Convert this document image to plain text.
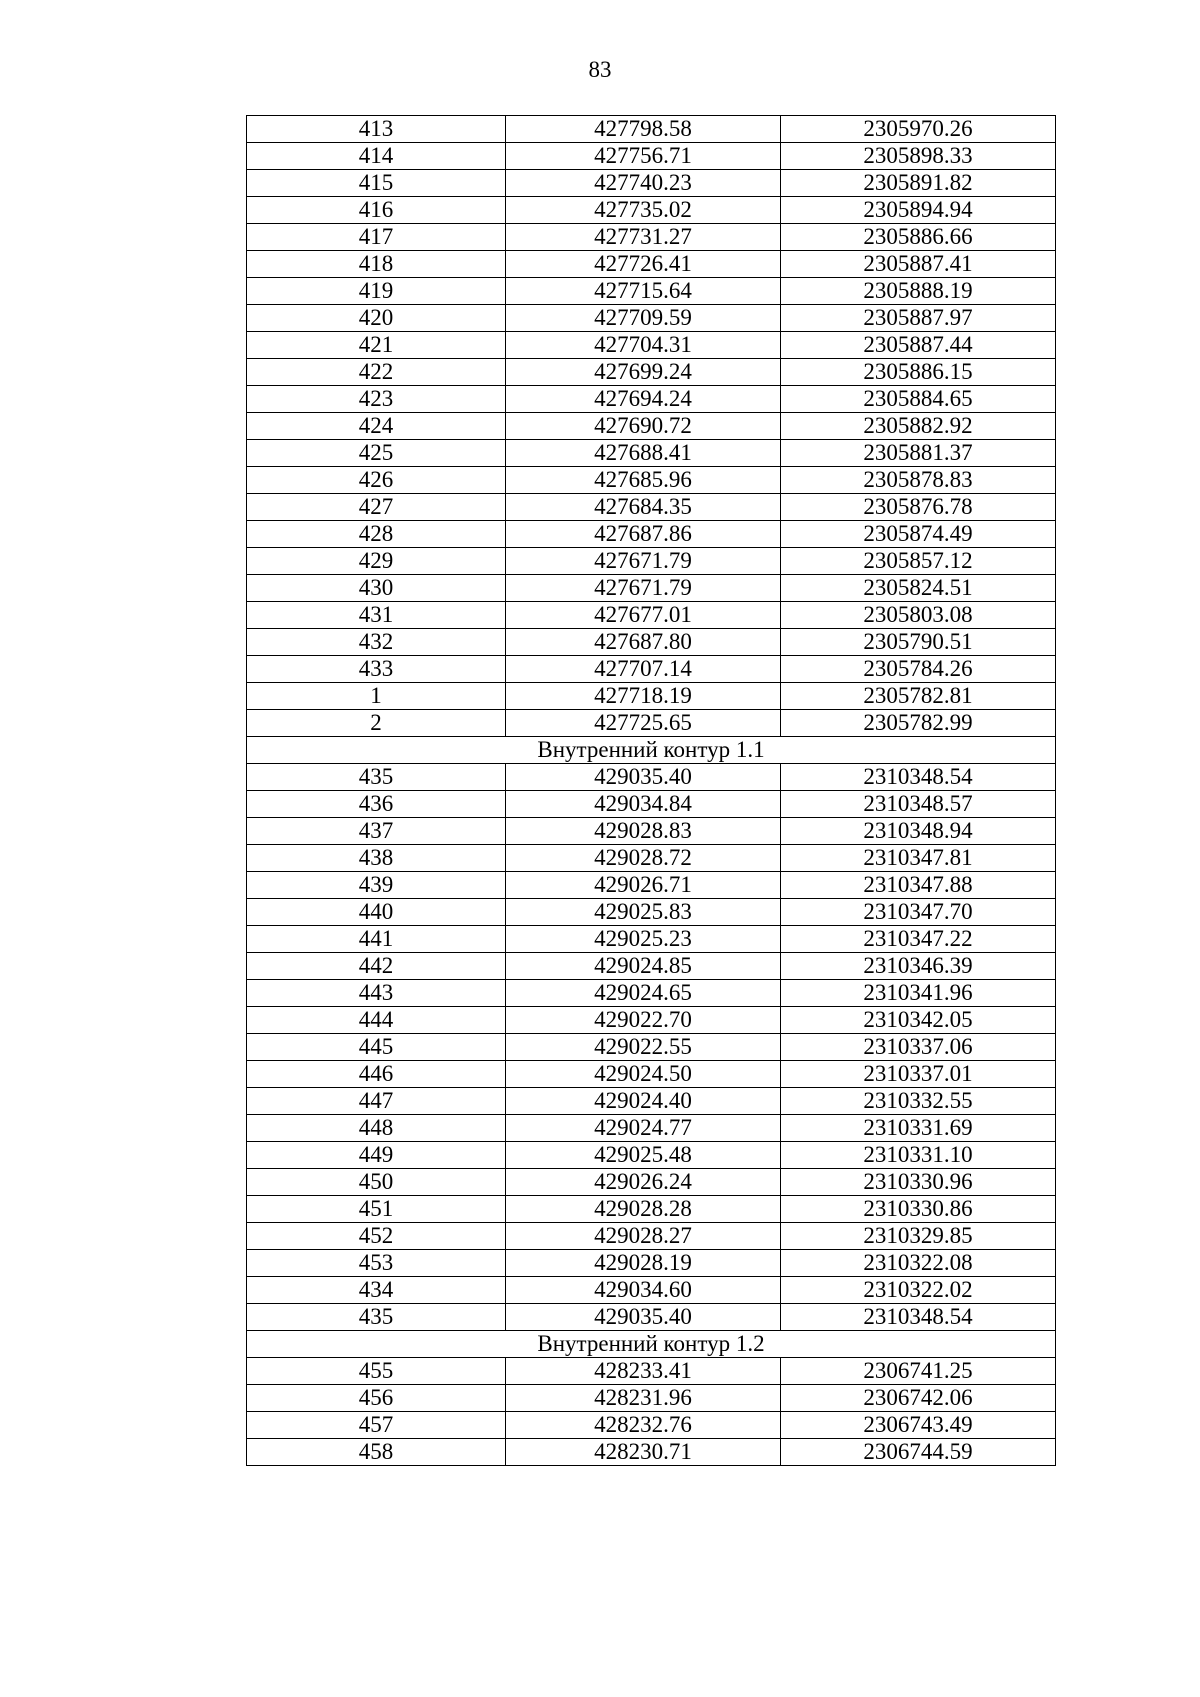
83
413	427798.58	2305970.26
414	427756.71	2305898.33
415	427740.23	2305891.82
416	427735.02	2305894.94
417	427731.27	2305886.66
418	427726.41	2305887.41
419	427715.64	2305888.19
420	427709.59	2305887.97
421	427704.31	2305887.44
422	427699.24	2305886.15
423	427694.24	2305884.65
424	427690.72	2305882.92
425	427688.41	2305881.37
426	427685.96	2305878.83
427	427684.35	2305876.78
428	427687.86	2305874.49
429	427671.79	2305857.12
430	427671.79	2305824.51
431	427677.01	2305803.08
432	427687.80	2305790.51
433	427707.14	2305784.26
1	427718.19	2305782.81
2	427725.65	2305782.99
Внутренний контур 1.1		
435	429035.40	2310348.54
436	429034.84	2310348.57
437	429028.83	2310348.94
438	429028.72	2310347.81
439	429026.71	2310347.88
440	429025.83	2310347.70
441	429025.23	2310347.22
442	429024.85	2310346.39
443	429024.65	2310341.96
444	429022.70	2310342.05
445	429022.55	2310337.06
446	429024.50	2310337.01
447	429024.40	2310332.55
448	429024.77	2310331.69
449	429025.48	2310331.10
450	429026.24	2310330.96
451	429028.28	2310330.86
452	429028.27	2310329.85
453	429028.19	2310322.08
434	429034.60	2310322.02
435	429035.40	2310348.54
Внутренний контур 1.2		
455	428233.41	2306741.25
456	428231.96	2306742.06
457	428232.76	2306743.49
458	428230.71	2306744.59
